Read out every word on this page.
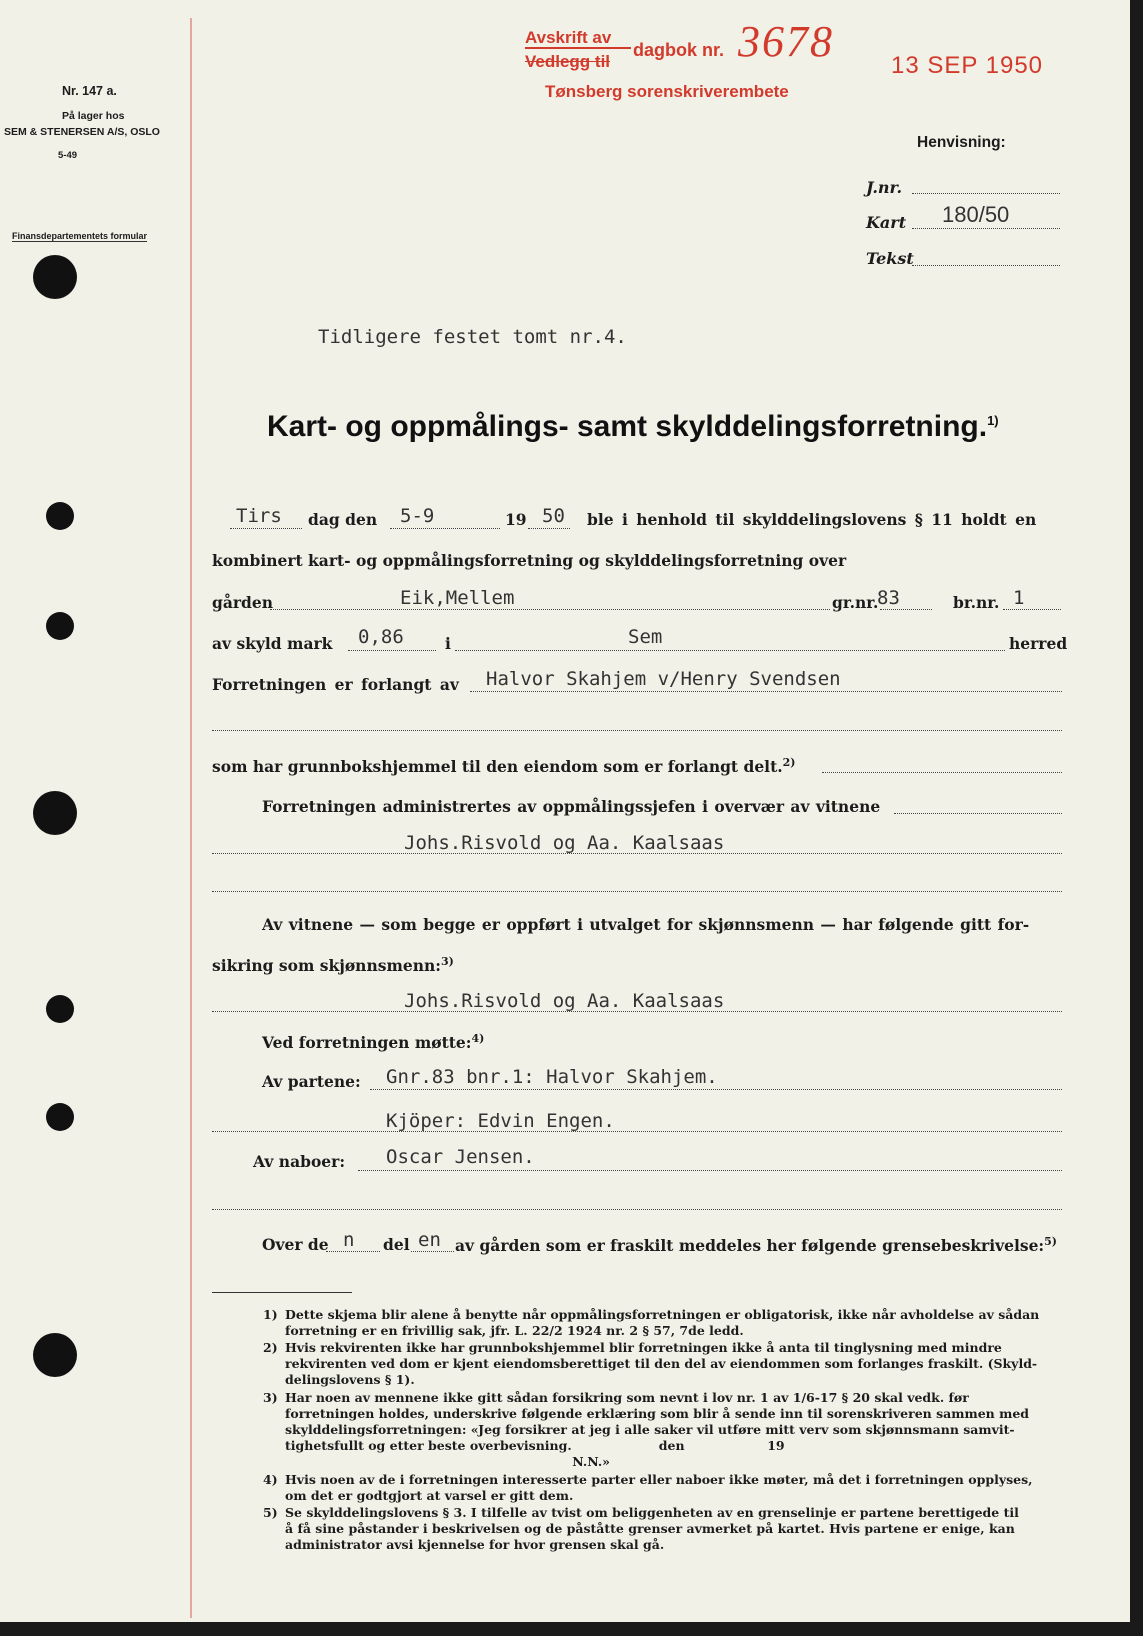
Nr. 147 a.
På lager hos
SEM & STENERSEN A/S, OSLO
5-49
Finansdepartementets formular
Avskrift av
Vedlegg til
dagbok nr. 3678 13 SEP 1950
Tønsberg sorenskriverembete
Henvisning:
J.nr.
Kart 180/50
Tekst
Tidligere festet tomt nr.4.
Kart- og oppmålings- samt skylddelingsforretning.$^{1)}$
Tirs dag den 5-9	19 50 ble i henhold til skylddelingslovens § 11 holdt en
kombinert kart- og oppmålingsforretning og skylddelingsforretning over
gården	Eik,Mellem	gr.nr.
83	br.nr. 1
av skyld mark 0,86	i	Sem	herred
Forretningen er forlangt av Halvor Skahjem v/Henry Svendsen
som har grunnbokshjemmel til den eiendom som er forlangt delt.$^{2)}$
Forretningen administrertes av oppmålingssjefen i overvær av vitnene
Johs.Risvold og Aa. Kaalsaas
Av vitnene — som begge er oppført i utvalget for skjønnsmenn — har følgende gitt for-
sikring som skjønnsmenn:$^{3)}$
Johs.Risvold og Aa. Kaalsaas
Ved forretningen møtte:$^{4)}$
Av partene: Gnr.83 bnr.1: Halvor Skahjem.
Kjöper: Edvin Engen.
Av naboer: Oscar Jensen.
Over de n del en av gården som er fraskilt meddeles her følgende grensebeskrivelse:$^{5)}$
1) Dette skjema blir alene å benytte når oppmålingsforretningen er obligatorisk, ikke når avholdelse av sådan
forretning er en frivillig sak, jfr. L. 22/2 1924 nr. 2 § 57, 7de ledd.
2) Hvis rekvirenten ikke har grunnbokshjemmel blir forretningen ikke å anta til tinglysning med mindre
rekvirenten ved dom er kjent eiendomsberettiget til den del av eiendommen som forlanges fraskilt. (Skyld-
delingslovens § 1).
3) Har noen av mennene ikke gitt sådan forsikring som nevnt i lov nr. 1 av 1/6-17 § 20 skal vedk. før
forretningen holdes, underskrive følgende erklæring som blir å sende inn til sorenskriveren sammen med
skylddelingsforretningen: «Jeg forsikrer at jeg i alle saker vil utføre mitt verv som skjønnsmann samvit-
tighetsfullt og etter beste overbevisning.                    den                   19
N.N.»
4) Hvis noen av de i forretningen interesserte parter eller naboer ikke møter, må det i forretningen opplyses,
om det er godtgjort at varsel er gitt dem.
5) Se skylddelingslovens § 3. I tilfelle av tvist om beliggenheten av en grenselinje er partene berettigede til
å få sine påstander i beskrivelsen og de påståtte grenser avmerket på kartet. Hvis partene er enige, kan
administrator avsi kjennelse for hvor grensen skal gå.
